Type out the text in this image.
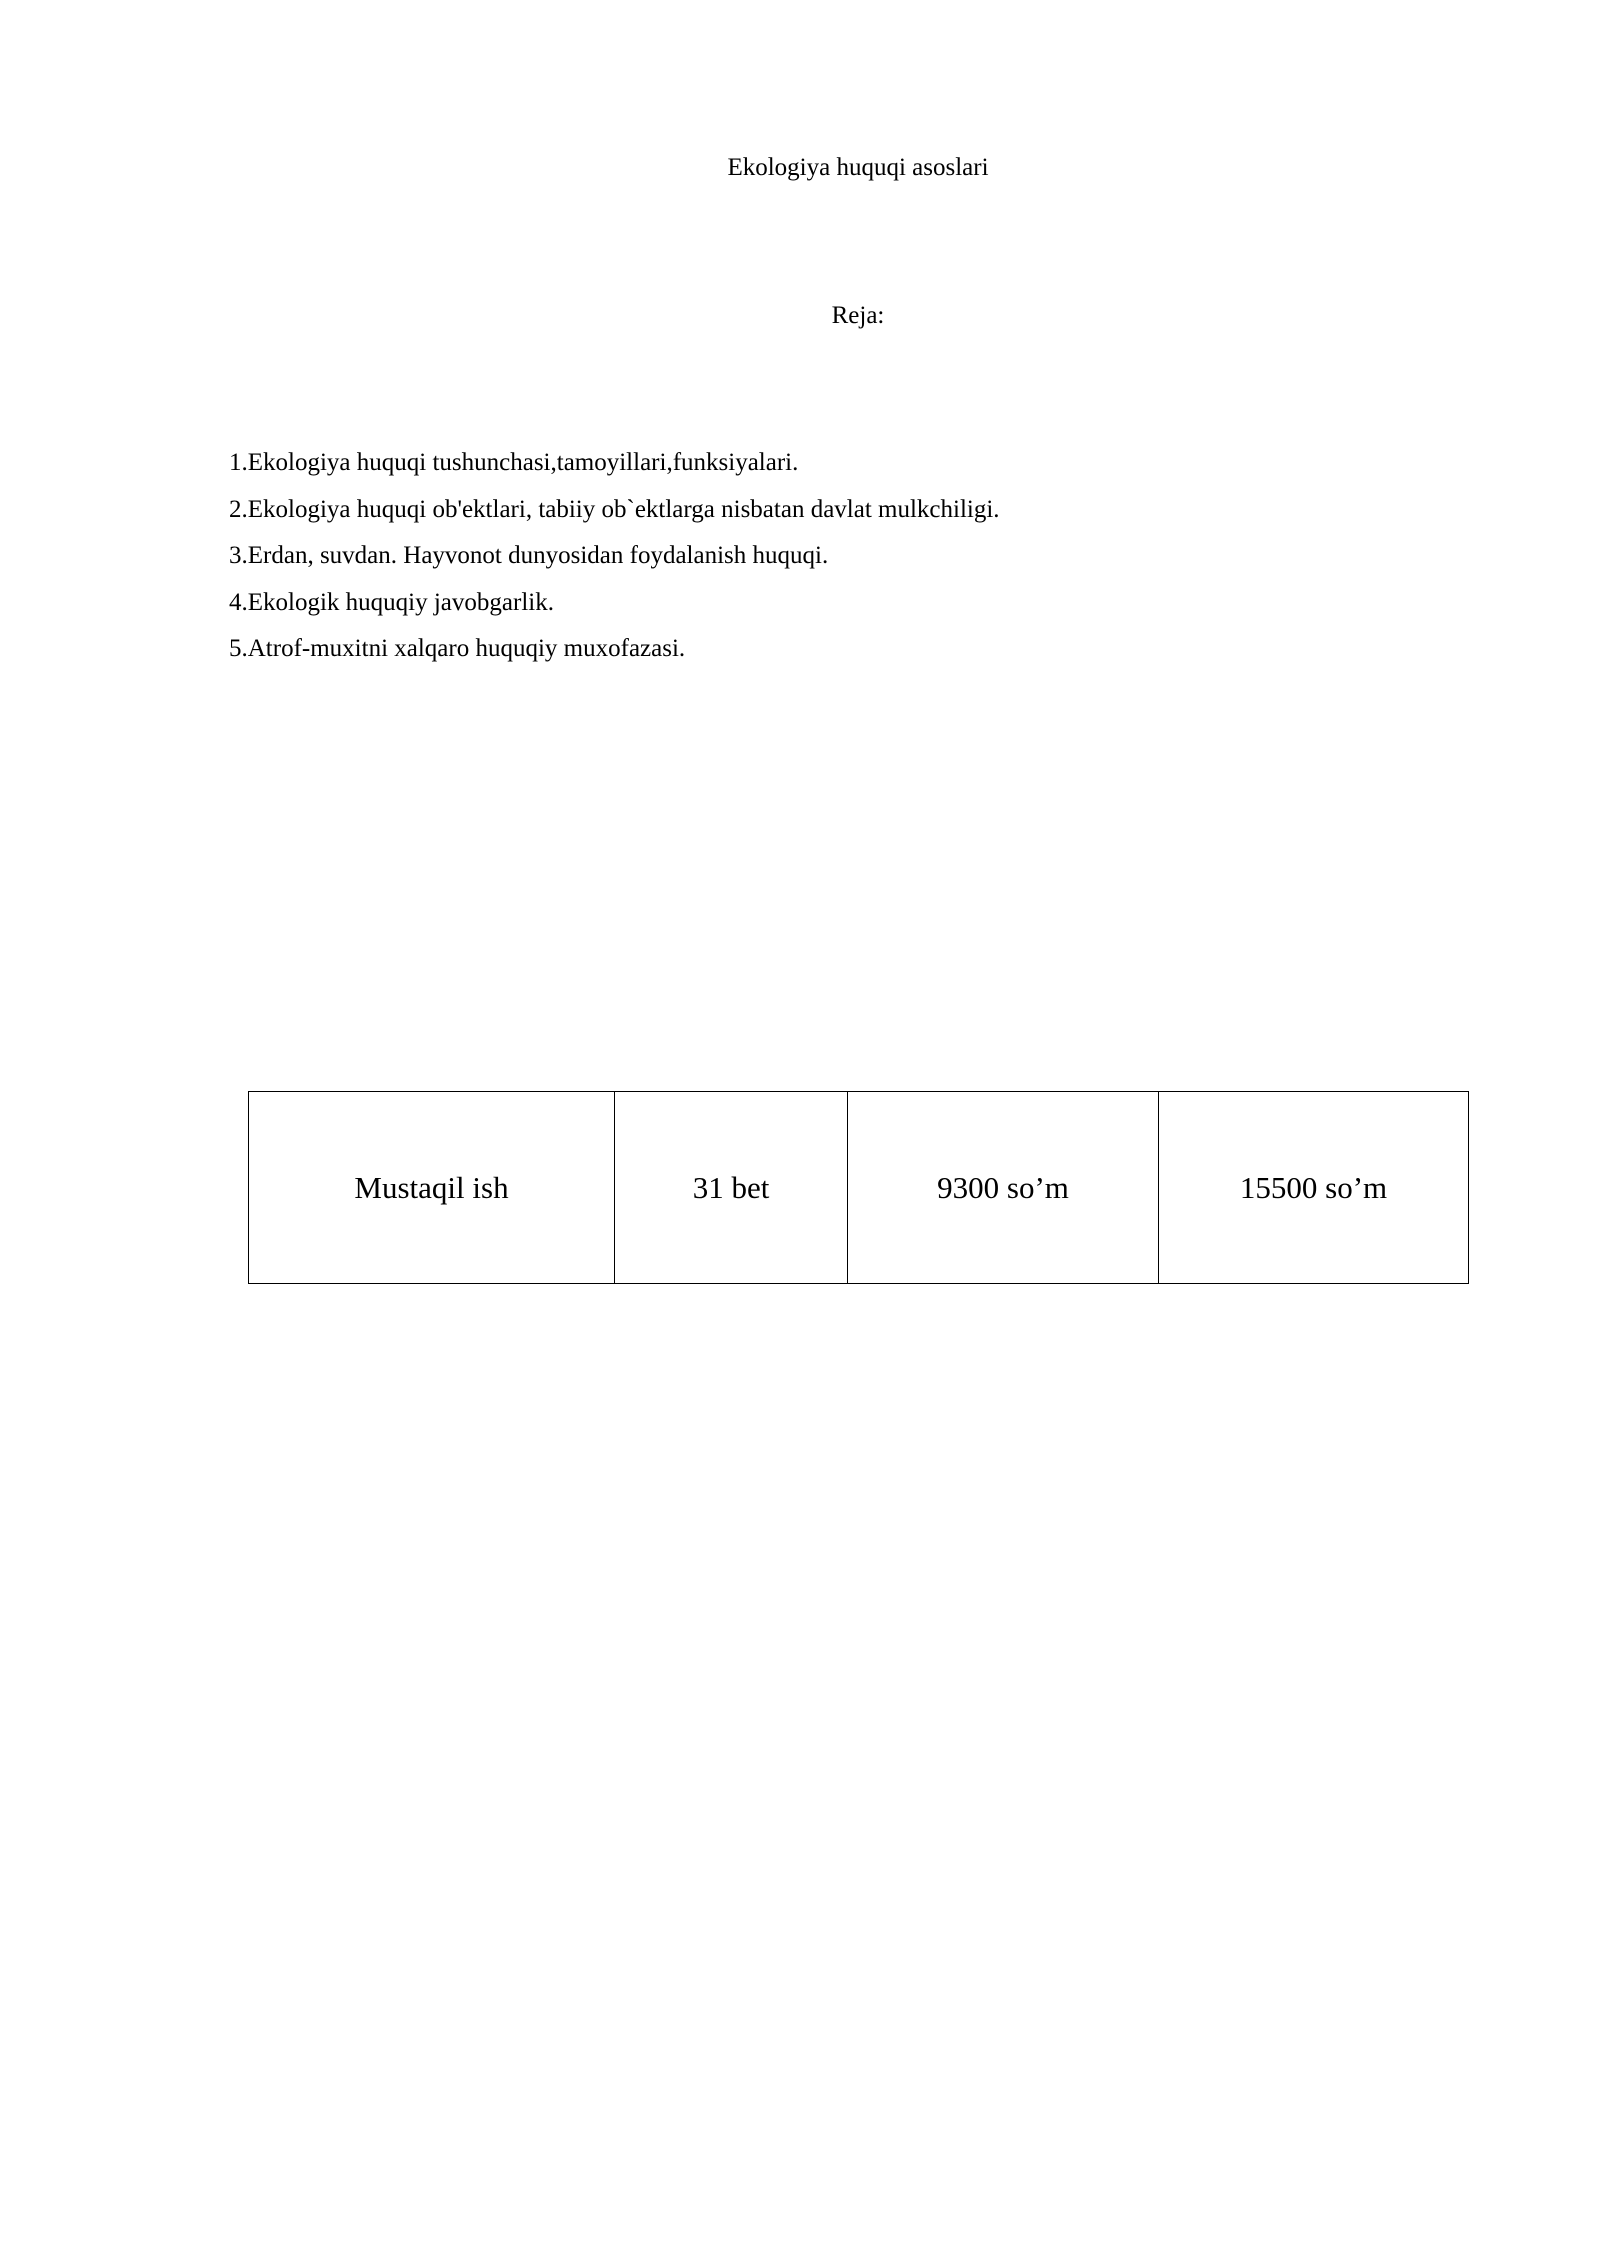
Ekologiya huquqi asoslari
Reja:
1.Ekologiya huquqi tushunchasi,tamoyillari,funksiyalari.
2.Ekologiya huquqi ob'ektlari, tabiiy ob`ektlarga nisbatan davlat mulkchiligi.
3.Erdan, suvdan. Hayvonot dunyosidan foydalanish huquqi.
4.Ekologik huquqiy javobgarlik.
5.Atrof-muxitni xalqaro huquqiy muxofazasi.
Mustaqil ish	31 bet	9300 so’m	15500 so’m
